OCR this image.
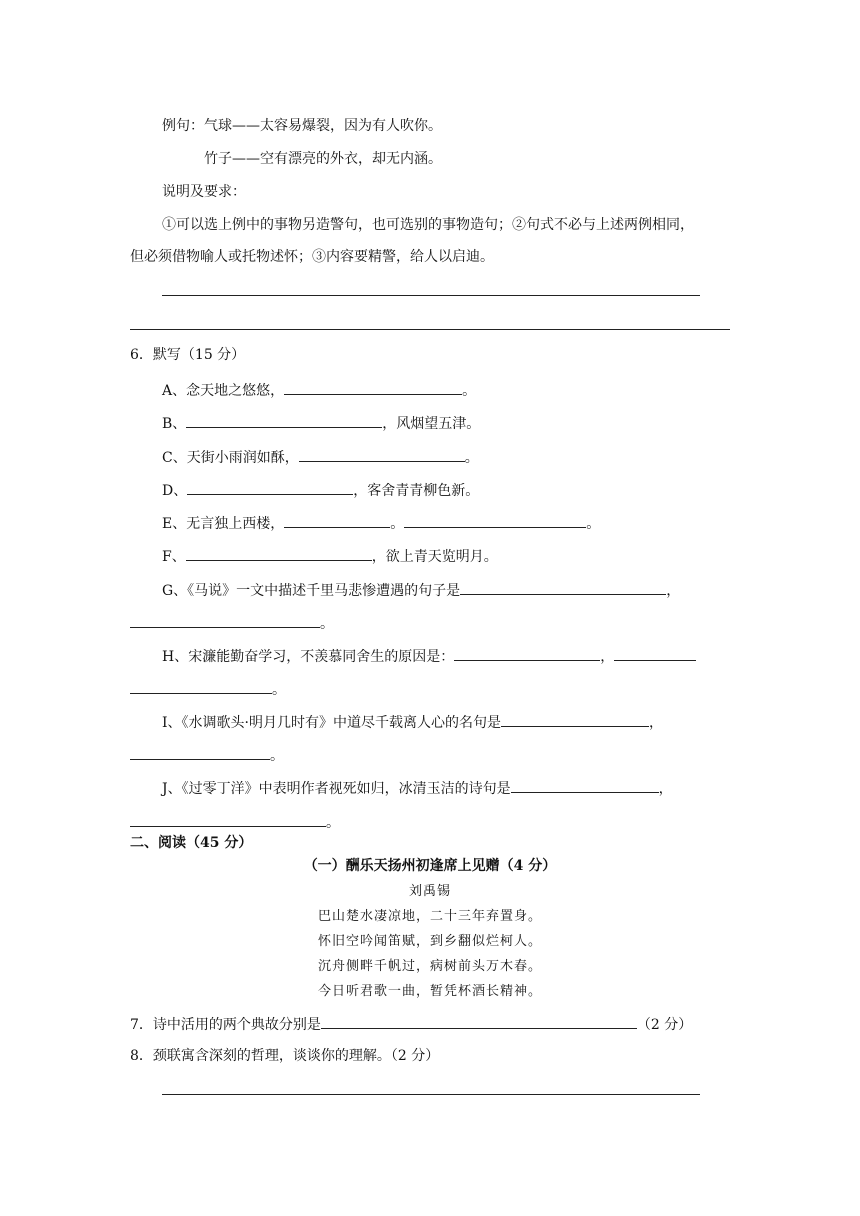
例句：气球——太容易爆裂，因为有人吹你。
竹子——空有漂亮的外衣，却无内涵。
说明及要求：
①可以选上例中的事物另造警句，也可选别的事物造句；②句式不必与上述两例相同，
但必须借物喻人或托物述怀；③内容要精警，给人以启迪。
6．默写（15 分）
A、念天地之悠悠，	。
B、	，风烟望五津。
C、天街小雨润如酥，	。
D、	，客舍青青柳色新。
E、无言独上西楼，	。	。
F、	，欲上青天览明月。
G、《马说》一文中描述千里马悲惨遭遇的句子是	，
。
H、宋濂能勤奋学习，不羡慕同舍生的原因是：	，
。
I、《水调歌头·明月几时有》中道尽千载离人心的名句是	，
。
J、《过零丁洋》中表明作者视死如归，冰清玉洁的诗句是	，
。
二、阅读（45 分）
（一）酬乐天扬州初逢席上见赠（4 分）
刘禹锡
巴山楚水凄凉地，二十三年弃置身。
怀旧空吟闻笛赋，到乡翻似烂柯人。
沉舟侧畔千帆过，病树前头万木春。
今日听君歌一曲，暂凭杯酒长精神。
7．诗中活用的两个典故分别是	（2 分）
8．颈联寓含深刻的哲理，谈谈你的理解。（2 分）
